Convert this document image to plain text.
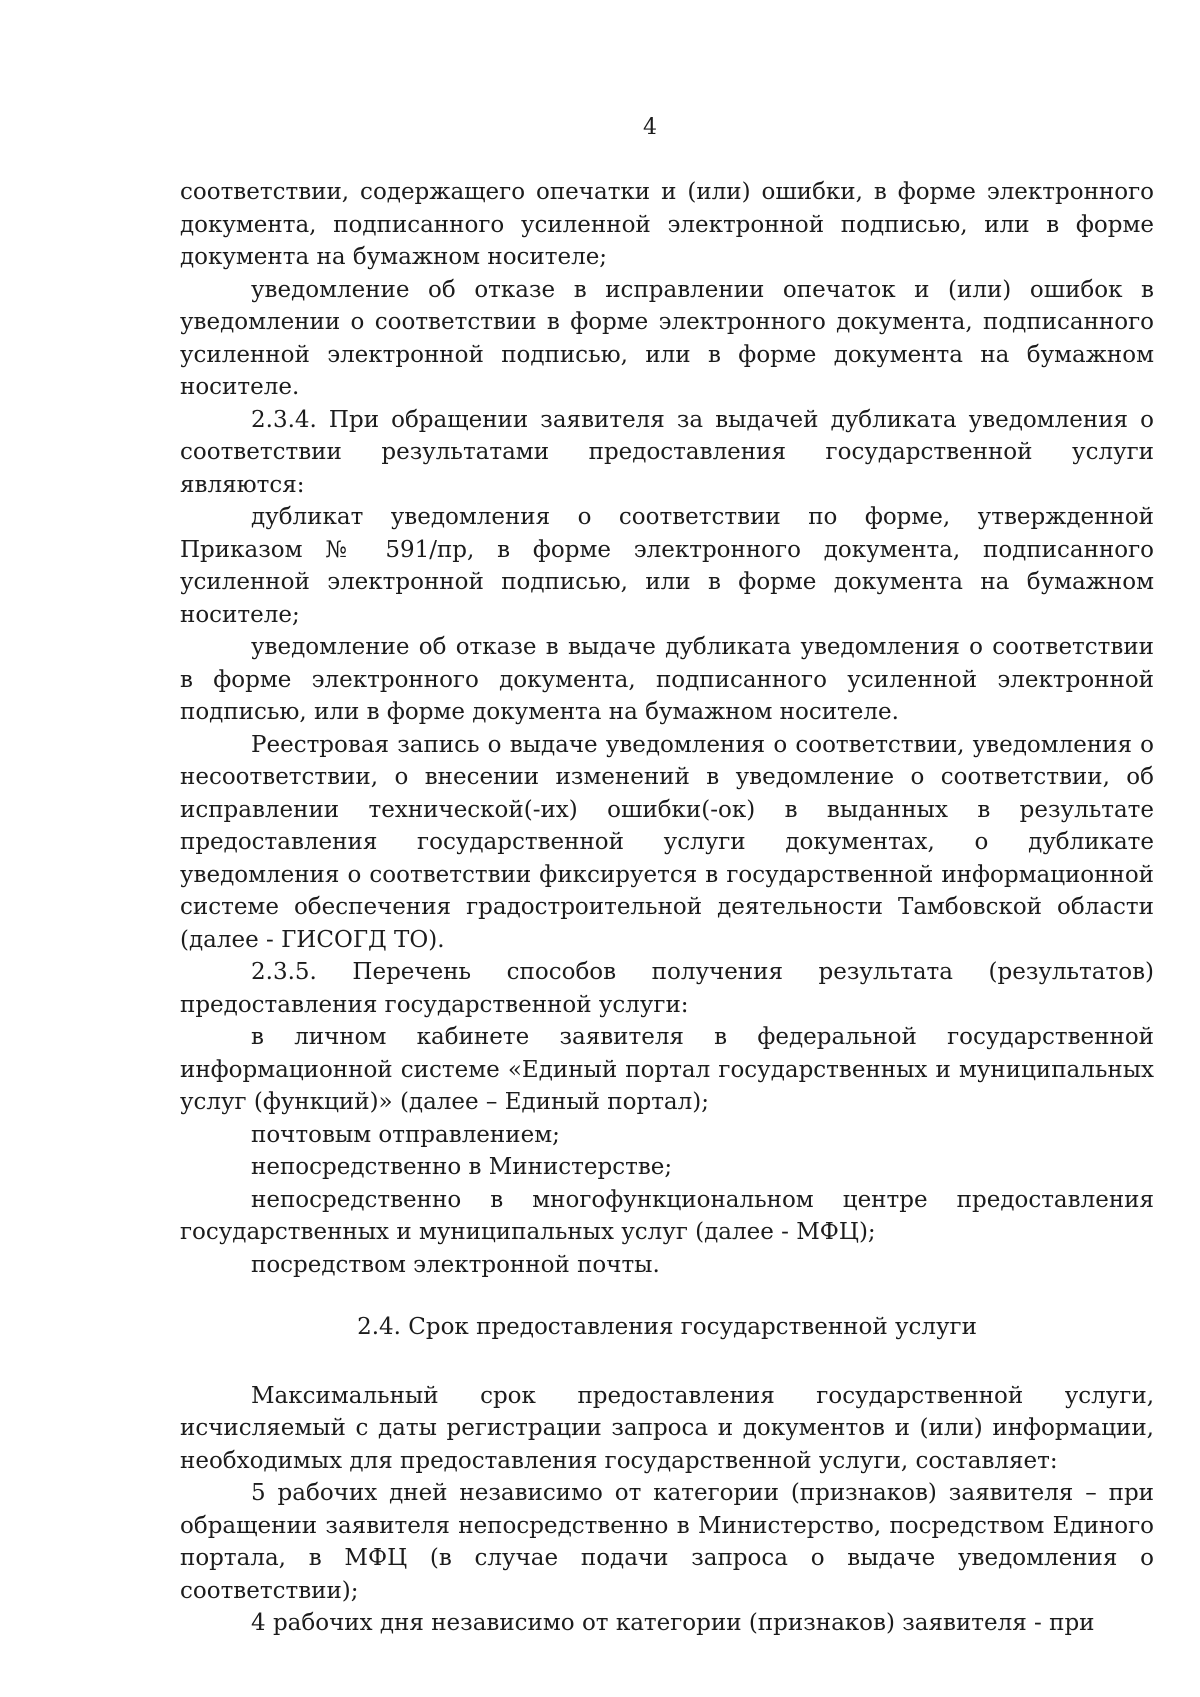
4

соответствии, содержащего опечатки и (или) ошибки, в форме электронного документа, подписанного усиленной электронной подписью, или в форме документа на бумажном носителе;

уведомление об отказе в исправлении опечаток и (или) ошибок в уведомлении о соответствии в форме электронного документа, подписанного усиленной электронной подписью, или в форме документа на бумажном носителе.

2.3.4. При обращении заявителя за выдачей дубликата уведомления о соответствии результатами предоставления государственной услуги являются:

дубликат уведомления о соответствии по форме, утвержденной Приказом № 591/пр, в форме электронного документа, подписанного усиленной электронной подписью, или в форме документа на бумажном носителе;

уведомление об отказе в выдаче дубликата уведомления о соответствии в форме электронного документа, подписанного усиленной электронной подписью, или в форме документа на бумажном носителе.

Реестровая запись о выдаче уведомления о соответствии, уведомления о несоответствии, о внесении изменений в уведомление о соответствии, об исправлении технической(-их) ошибки(-ок) в выданных в результате предоставления государственной услуги документах, о дубликате уведомления о соответствии фиксируется в государственной информационной системе обеспечения градостроительной деятельности Тамбовской области (далее - ГИСОГД ТО).

2.3.5. Перечень способов получения результата (результатов) предоставления государственной услуги:

в личном кабинете заявителя в федеральной государственной информационной системе «Единый портал государственных и муниципальных услуг (функций)» (далее – Единый портал);

почтовым отправлением;

непосредственно в Министерстве;

непосредственно в многофункциональном центре предоставления государственных и муниципальных услуг (далее - МФЦ);

посредством электронной почты.

2.4. Срок предоставления государственной услуги

Максимальный срок предоставления государственной услуги, исчисляемый с даты регистрации запроса и документов и (или) информации, необходимых для предоставления государственной услуги, составляет:

5 рабочих дней независимо от категории (признаков) заявителя – при обращении заявителя непосредственно в Министерство, посредством Единого портала, в МФЦ (в случае подачи запроса о выдаче уведомления о соответствии);

4 рабочих дня независимо от категории (признаков) заявителя - при
